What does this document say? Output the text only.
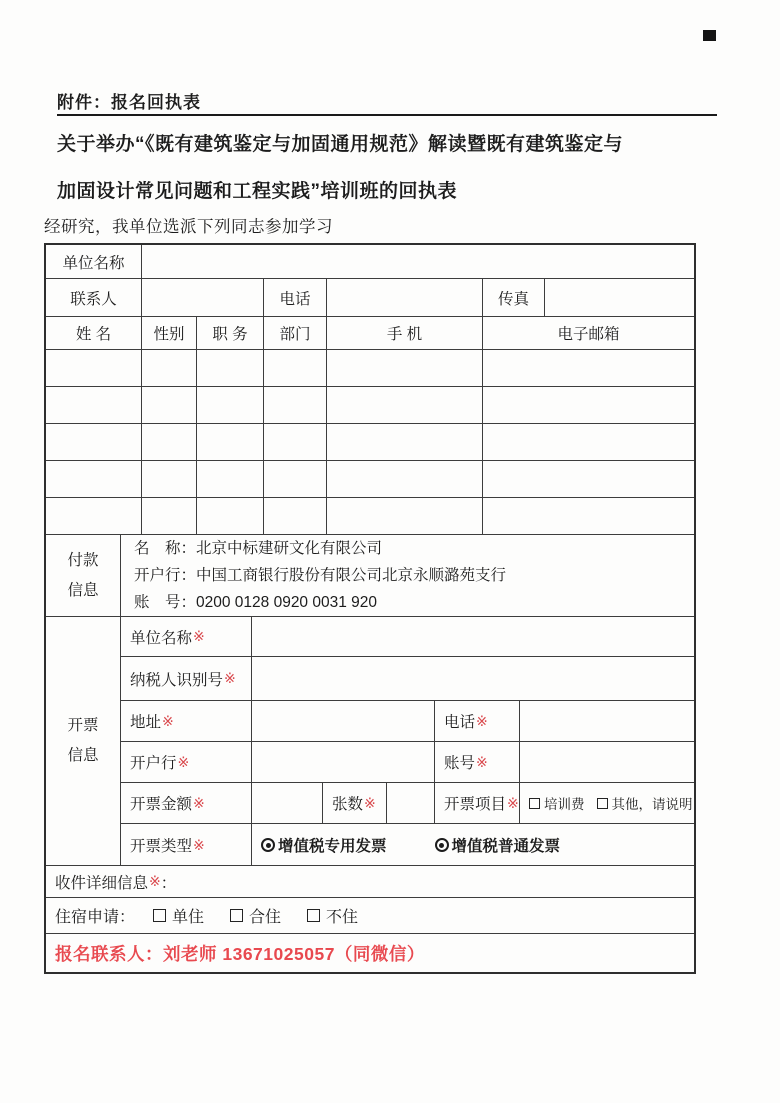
附件：报名回执表
关于举办“《既有建筑鉴定与加固通用规范》解读暨既有建筑鉴定与
加固设计常见问题和工程实践”培训班的回执表
经研究，我单位选派下列同志参加学习
单位名称
联系人	电话	传真
姓 名	性别	职 务	部门	手 机	电子邮箱
付款
信息
名　称：北京中标建研文化有限公司
开户行：中国工商银行股份有限公司北京永顺潞苑支行
账　号：0200 0128 0920 0031 920
开票
信息
单位名称 ※
纳税人识别号 ※
地址 ※	电话 ※
开户行 ※	账号 ※
开票金额 ※	张数 ※	开票项目 ※ 培训费 其他，请说明
开票类型 ※	增值税专用发票	增值税普通发票
收件详细信息 ※ ：
住宿申请： 单住	合住	不住
报名联系人：刘老师 13671025057（同微信）
